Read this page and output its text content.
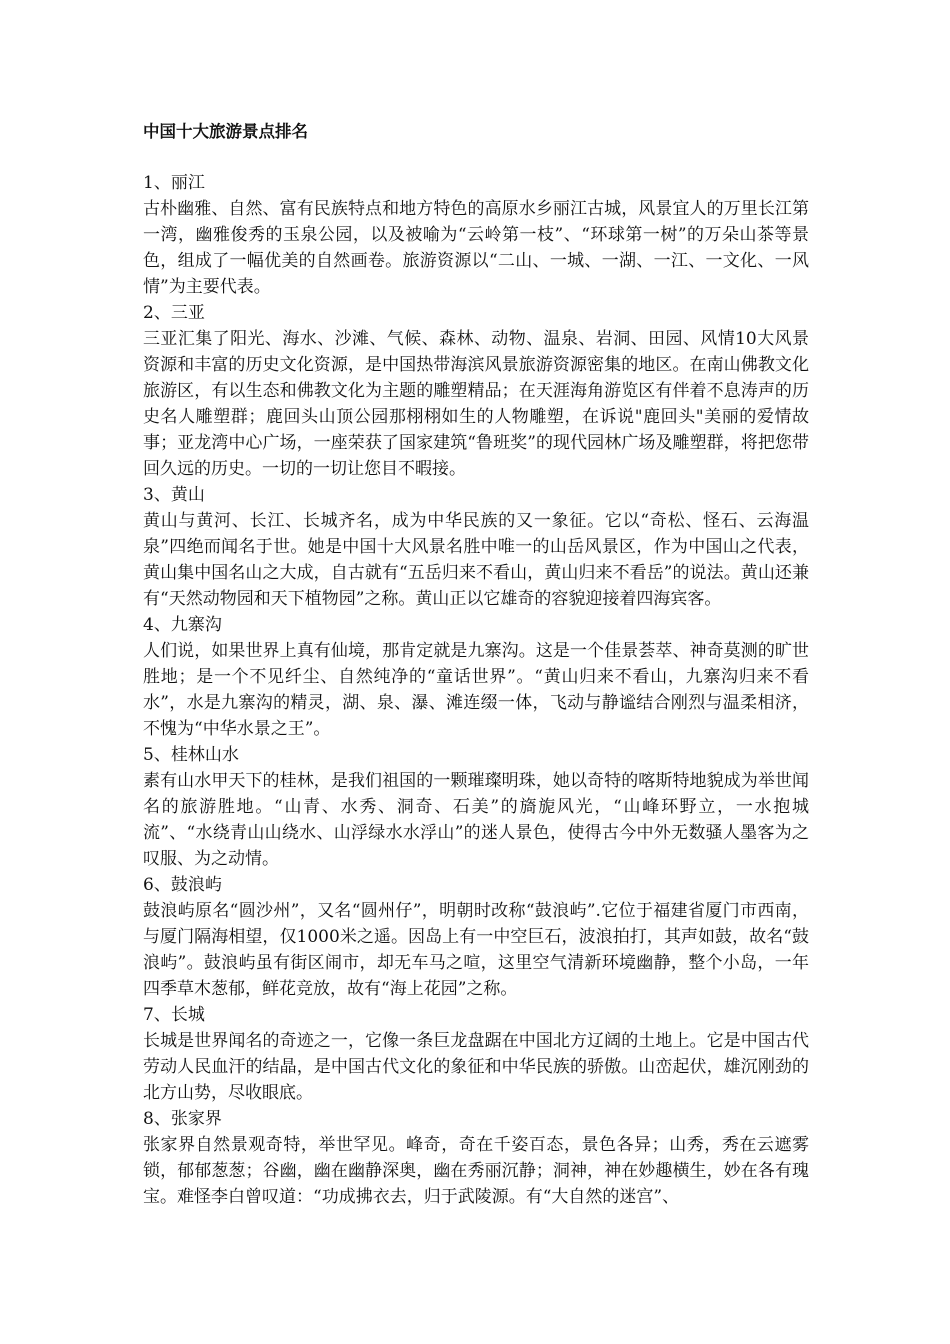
中国十大旅游景点排名
1、丽江
古朴幽雅、自然、富有民族特点和地方特色的高原水乡丽江古城，风景宜人的万里长江第一湾，幽雅俊秀的玉泉公园，以及被喻为“云岭第一枝”、“环球第一树”的万朵山茶等景色，组成了一幅优美的自然画卷。旅游资源以“二山、一城、一湖、一江、一文化、一风情”为主要代表。
2、三亚
三亚汇集了阳光、海水、沙滩、气候、森林、动物、温泉、岩洞、田园、风情10大风景资源和丰富的历史文化资源，是中国热带海滨风景旅游资源密集的地区。在南山佛教文化旅游区，有以生态和佛教文化为主题的雕塑精品；在天涯海角游览区有伴着不息涛声的历史名人雕塑群；鹿回头山顶公园那栩栩如生的人物雕塑，在诉说"鹿回头"美丽的爱情故事；亚龙湾中心广场，一座荣获了国家建筑“鲁班奖”的现代园林广场及雕塑群，将把您带回久远的历史。一切的一切让您目不暇接。
3、黄山
黄山与黄河、长江、长城齐名，成为中华民族的又一象征。它以“奇松、怪石、云海温泉”四绝而闻名于世。她是中国十大风景名胜中唯一的山岳风景区，作为中国山之代表，黄山集中国名山之大成，自古就有“五岳归来不看山，黄山归来不看岳”的说法。黄山还兼有“天然动物园和天下植物园”之称。黄山正以它雄奇的容貌迎接着四海宾客。
4、九寨沟
人们说，如果世界上真有仙境，那肯定就是九寨沟。这是一个佳景荟萃、神奇莫测的旷世胜地；是一个不见纤尘、自然纯净的“童话世界”。“黄山归来不看山，九寨沟归来不看水”，水是九寨沟的精灵，湖、泉、瀑、滩连缀一体，飞动与静谧结合刚烈与温柔相济，不愧为“中华水景之王”。
5、桂林山水
素有山水甲天下的桂林，是我们祖国的一颗璀璨明珠，她以奇特的喀斯特地貌成为举世闻名的旅游胜地。“山青、水秀、洞奇、石美”的旖旎风光，“山峰环野立，一水抱城流”、“水绕青山山绕水、山浮绿水水浮山”的迷人景色，使得古今中外无数骚人墨客为之叹服、为之动情。
6、鼓浪屿
鼓浪屿原名“圆沙州”，又名“圆州仔”，明朝时改称“鼓浪屿”.它位于福建省厦门市西南，与厦门隔海相望，仅1000米之遥。因岛上有一中空巨石，波浪拍打，其声如鼓，故名“鼓浪屿”。鼓浪屿虽有街区闹市，却无车马之喧，这里空气清新环境幽静，整个小岛，一年四季草木葱郁，鲜花竞放，故有“海上花园”之称。
7、长城
长城是世界闻名的奇迹之一，它像一条巨龙盘踞在中国北方辽阔的土地上。它是中国古代劳动人民血汗的结晶，是中国古代文化的象征和中华民族的骄傲。山峦起伏，雄沉刚劲的北方山势，尽收眼底。
8、张家界
张家界自然景观奇特，举世罕见。峰奇，奇在千姿百态，景色各异；山秀，秀在云遮雾锁，郁郁葱葱；谷幽，幽在幽静深奥，幽在秀丽沉静；洞神，神在妙趣横生，妙在各有瑰宝。难怪李白曾叹道：“功成拂衣去，归于武陵源。有“大自然的迷宫”、
